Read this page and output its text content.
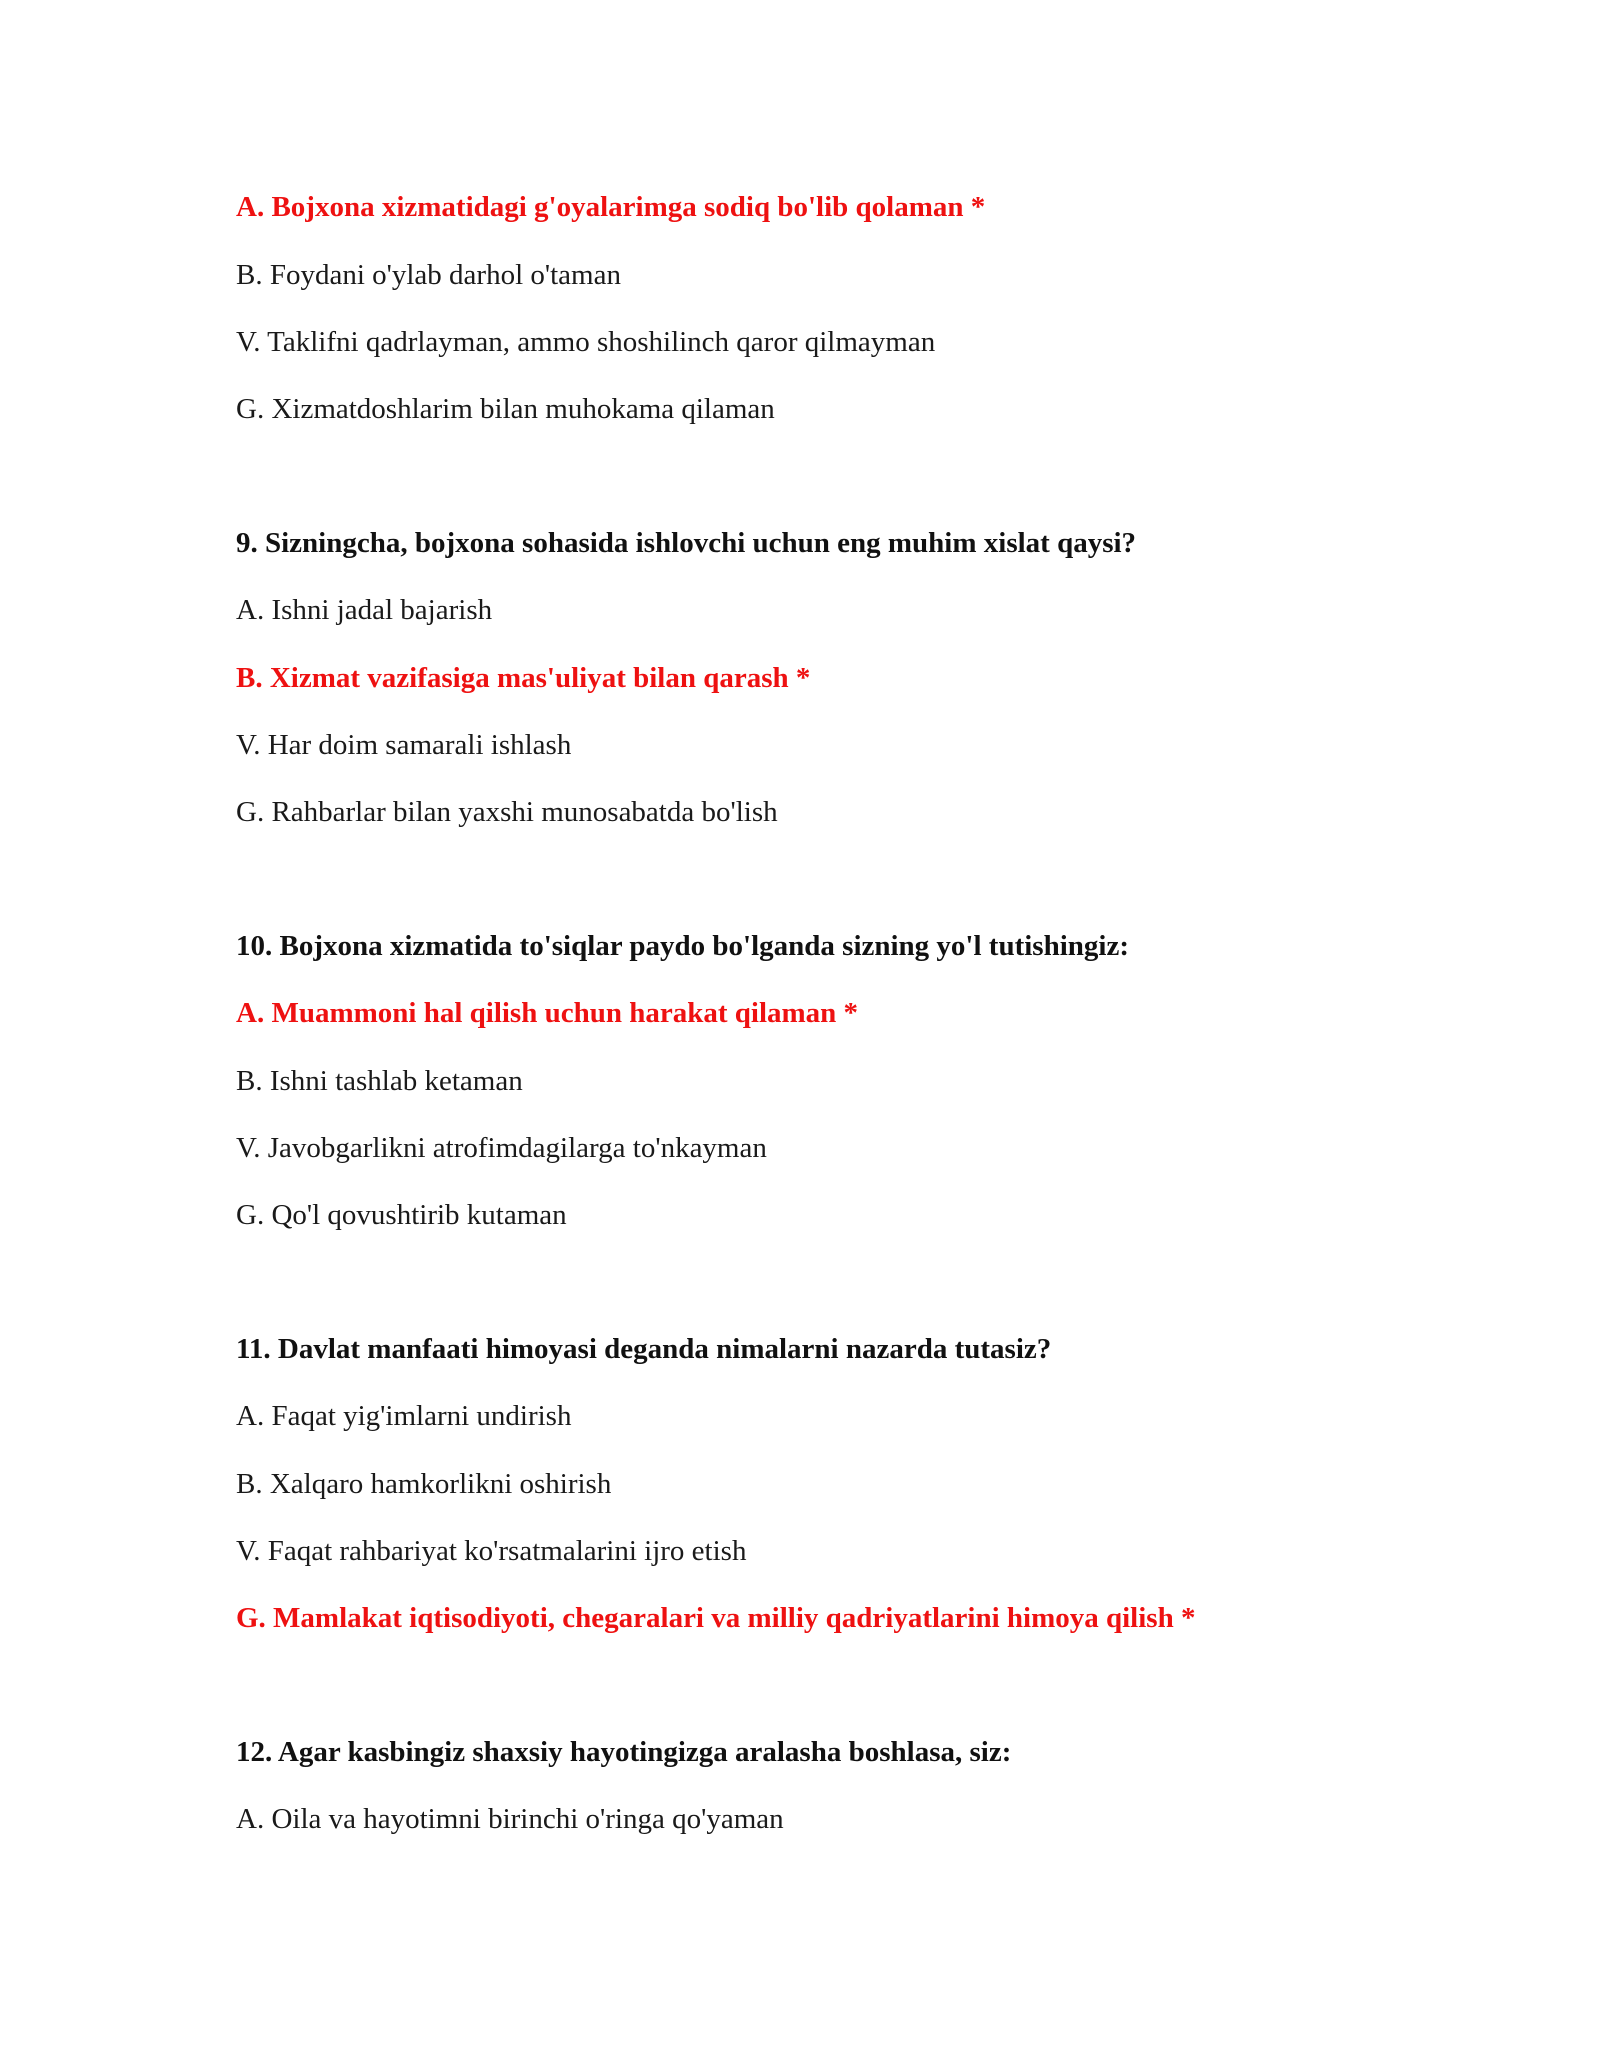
A. Bojxona xizmatidagi g'oyalarimga sodiq bo'lib qolaman *
B. Foydani o'ylab darhol o'taman
V. Taklifni qadrlayman, ammo shoshilinch qaror qilmayman
G. Xizmatdoshlarim bilan muhokama qilaman
9. Sizningcha, bojxona sohasida ishlovchi uchun eng muhim xislat qaysi?
A. Ishni jadal bajarish
B. Xizmat vazifasiga mas'uliyat bilan qarash *
V. Har doim samarali ishlash
G. Rahbarlar bilan yaxshi munosabatda bo'lish
10. Bojxona xizmatida to'siqlar paydo bo'lganda sizning yo'l tutishingiz:
A. Muammoni hal qilish uchun harakat qilaman *
B. Ishni tashlab ketaman
V. Javobgarlikni atrofimdagilarga to'nkayman
G. Qo'l qovushtirib kutaman
11. Davlat manfaati himoyasi deganda nimalarni nazarda tutasiz?
A. Faqat yig'imlarni undirish
B. Xalqaro hamkorlikni oshirish
V. Faqat rahbariyat ko'rsatmalarini ijro etish
G. Mamlakat iqtisodiyoti, chegaralari va milliy qadriyatlarini himoya qilish *
12. Agar kasbingiz shaxsiy hayotingizga aralasha boshlasa, siz:
A. Oila va hayotimni birinchi o'ringa qo'yaman
